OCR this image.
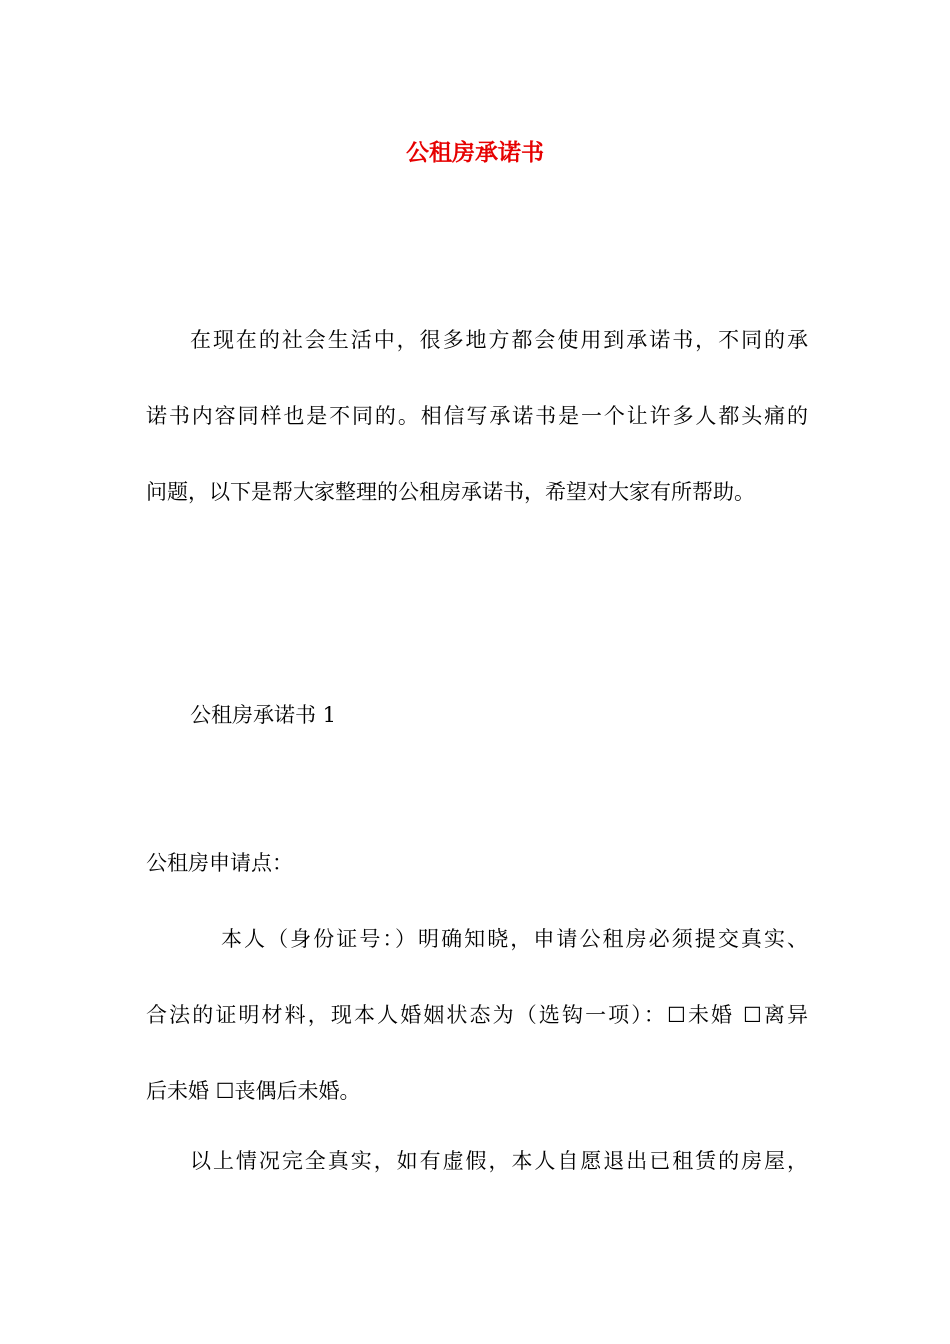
公租房承诺书
在现在的社会生活中，很多地方都会使用到承诺书，不同的承
诺书内容同样也是不同的。相信写承诺书是一个让许多人都头痛的
问题，以下是帮大家整理的公租房承诺书，希望对大家有所帮助。
公租房承诺书 1
公租房申请点：
本人（身份证号：）明确知晓，申请公租房必须提交真实、
合法的证明材料，现本人婚姻状态为（选钩一项）：☐未婚 ☐离异
后未婚 ☐丧偶后未婚。
以上情况完全真实，如有虚假，本人自愿退出已租赁的房屋，
